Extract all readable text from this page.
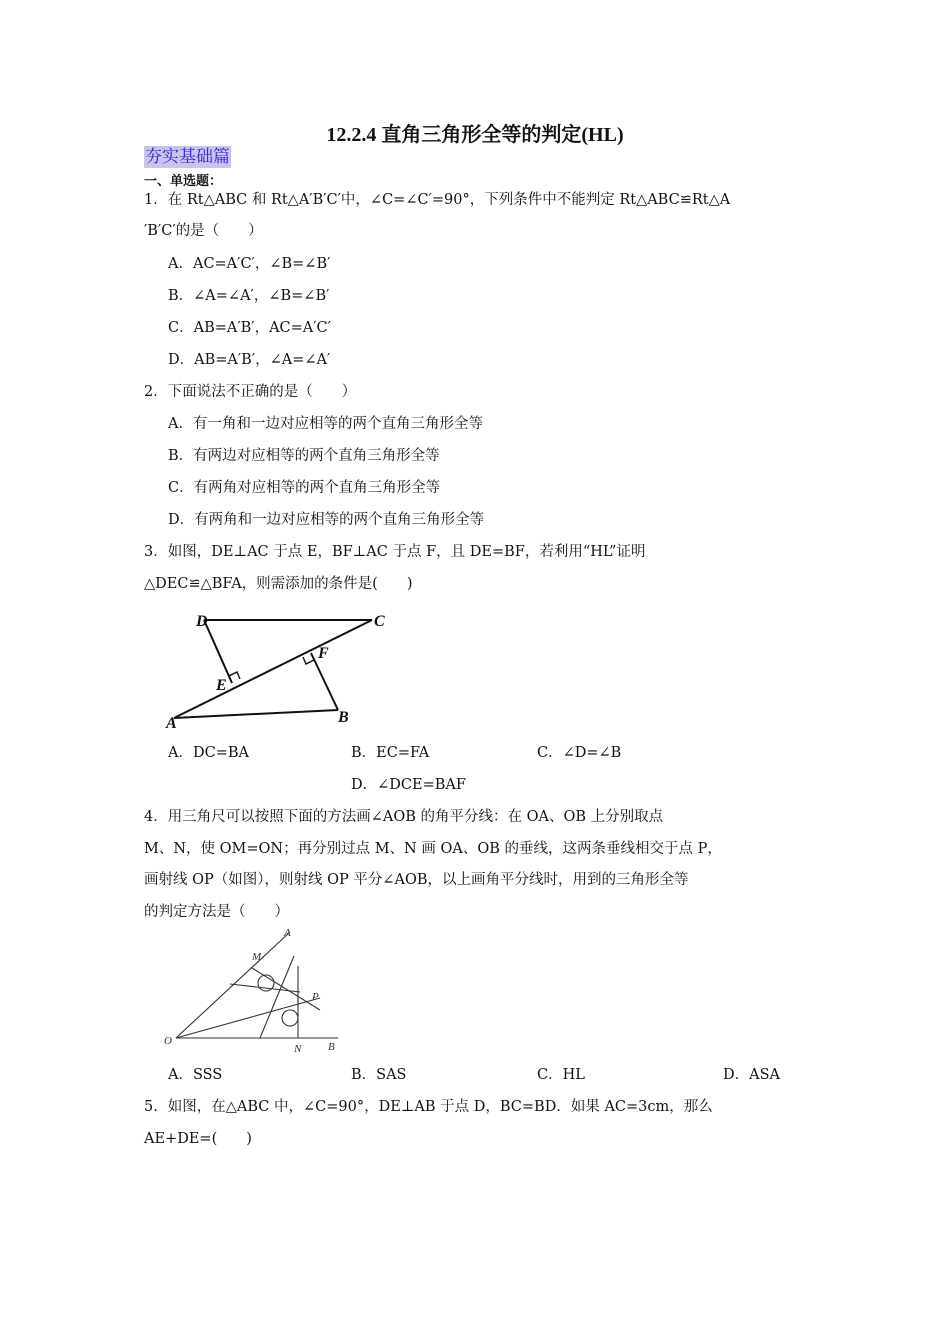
12.2.4 直角三角形全等的判定(HL)
夯实基础篇
一、单选题：
1．在 Rt△ABC 和 Rt△A′B′C′中，∠C=∠C′=90°，下列条件中不能判定 Rt△ABC≌Rt△A
′B′C′的是（　　）
A．AC=A′C′，∠B=∠B′
B．∠A=∠A′，∠B=∠B′
C．AB=A′B′，AC=A′C′
D．AB=A′B′，∠A=∠A′
2．下面说法不正确的是（　　）
A．有一角和一边对应相等的两个直角三角形全等
B．有两边对应相等的两个直角三角形全等
C．有两角对应相等的两个直角三角形全等
D．有两角和一边对应相等的两个直角三角形全等
3．如图，DE⊥AC 于点 E，BF⊥AC 于点 F，且 DE=BF，若利用“HL”证明
△DEC≌△BFA，则需添加的条件是(　　)
D	C
F
E
A	B
A．DC=BA	B．EC=FA	C．∠D=∠B
D．∠DCE=BAF
4．用三角尺可以按照下面的方法画∠AOB 的角平分线：在 OA、OB 上分别取点
M、N，使 OM=ON；再分别过点 M、N 画 OA、OB 的垂线，这两条垂线相交于点 P，
画射线 OP（如图），则射线 OP 平分∠AOB，以上画角平分线时，用到的三角形全等
的判定方法是（　　）
A
M
P
O
N B
A．SSS	B．SAS	C．HL	D．ASA
5．如图，在△ABC 中，∠C=90°，DE⊥AB 于点 D，BC=BD．如果 AC=3cm，那么
AE+DE=(　　)
